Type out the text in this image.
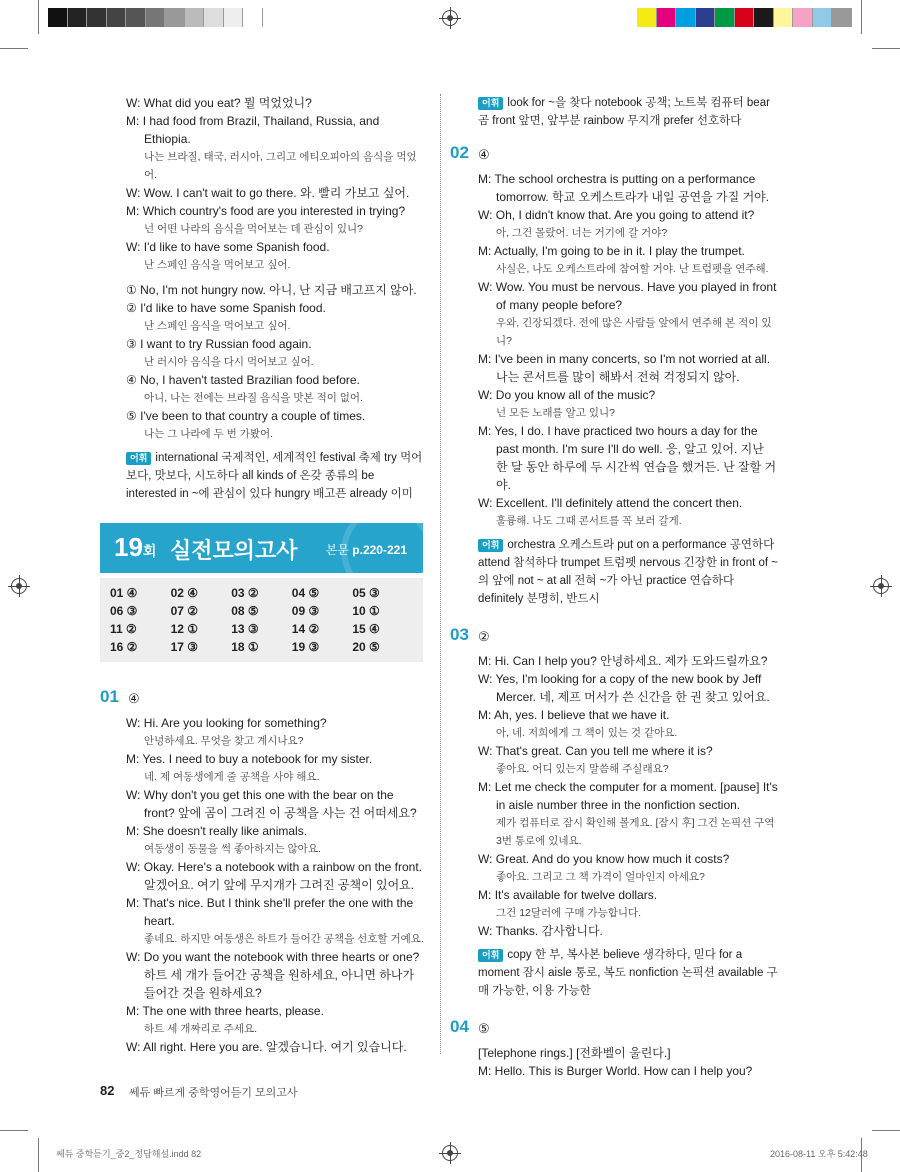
W: What did you eat? 뭘 먹었었니?
M: I had food from Brazil, Thailand, Russia, and Ethiopia.
나는 브라질, 태국, 러시아, 그리고 에티오피아의 음식을 먹었어.
W: Wow. I can't wait to go there. 와. 빨리 가보고 싶어.
M: Which country's food are you interested in trying?
넌 어떤 나라의 음식을 먹어보는 데 관심이 있니?
W: I'd like to have some Spanish food.
난 스페인 음식을 먹어보고 싶어.
① No, I'm not hungry now. 아니, 난 지금 배고프지 않아.
② I'd like to have some Spanish food.
난 스페인 음식을 먹어보고 싶어.
③ I want to try Russian food again.
난 러시아 음식을 다시 먹어보고 싶어.
④ No, I haven't tasted Brazilian food before.
아니, 나는 전에는 브라질 음식을 맛본 적이 없어.
⑤ I've been to that country a couple of times.
나는 그 나라에 두 번 가봤어.
어휘 international 국제적인, 세계적인 festival 축제 try 먹어보다, 맛보다, 시도하다 all kinds of 온갖 종류의 be interested in ~에 관심이 있다 hungry 배고픈 already 이미
19회 실전모의고사 본문 p.220-221
01 ④	02 ④	03 ②	04 ⑤	05 ③
06 ③	07 ②	08 ⑤	09 ③	10 ①
11 ②	12 ①	13 ③	14 ②	15 ④
16 ②	17 ③	18 ①	19 ③	20 ⑤
01 ④
W: Hi. Are you looking for something?
안녕하세요. 무엇을 찾고 계시나요?
M: Yes. I need to buy a notebook for my sister.
네. 제 여동생에게 줄 공책을 사야 해요.
W: Why don't you get this one with the bear on the front? 앞에 곰이 그려진 이 공책을 사는 건 어떠세요?
M: She doesn't really like animals.
여동생이 동물을 썩 좋아하지는 않아요.
W: Okay. Here's a notebook with a rainbow on the front. 알겠어요. 여기 앞에 무지개가 그려진 공책이 있어요.
M: That's nice. But I think she'll prefer the one with the heart.
좋네요. 하지만 여동생은 하트가 들어간 공책을 선호할 거예요.
W: Do you want the notebook with three hearts or one? 하트 세 개가 들어간 공책을 원하세요, 아니면 하나가 들어간 것을 원하세요?
M: The one with three hearts, please.
하트 세 개짜리로 주세요.
W: All right. Here you are. 알겠습니다. 여기 있습니다.
어휘 look for ~을 찾다 notebook 공책; 노트북 컴퓨터 bear 곰 front 앞면, 앞부분 rainbow 무지개 prefer 선호하다
02 ④
M: The school orchestra is putting on a performance tomorrow. 학교 오케스트라가 내일 공연을 가질 거야.
W: Oh, I didn't know that. Are you going to attend it?
아, 그건 몰랐어. 너는 거기에 갈 거야?
M: Actually, I'm going to be in it. I play the trumpet.
사실은, 나도 오케스트라에 참여할 거야. 난 트럼펫을 연주해.
W: Wow. You must be nervous. Have you played in front of many people before?
우와, 긴장되겠다. 전에 많은 사람들 앞에서 연주해 본 적이 있니?
M: I've been in many concerts, so I'm not worried at all. 나는 콘서트를 많이 해봐서 전혀 걱정되지 않아.
W: Do you know all of the music?
넌 모든 노래를 알고 있니?
M: Yes, I do. I have practiced two hours a day for the past month. I'm sure I'll do well. 응, 알고 있어. 지난 한 달 동안 하루에 두 시간씩 연습을 했거든. 난 잘할 거야.
W: Excellent. I'll definitely attend the concert then.
훌륭해. 나도 그때 콘서트를 꼭 보러 갈게.
어휘 orchestra 오케스트라 put on a performance 공연하다 attend 참석하다 trumpet 트럼펫 nervous 긴장한 in front of ~의 앞에 not ~ at all 전혀 ~가 아닌 practice 연습하다 definitely 분명히, 반드시
03 ②
M: Hi. Can I help you? 안녕하세요. 제가 도와드릴까요?
W: Yes, I'm looking for a copy of the new book by Jeff Mercer. 네, 제프 머서가 쓴 신간을 한 권 찾고 있어요.
M: Ah, yes. I believe that we have it.
아, 네. 저희에게 그 책이 있는 것 같아요.
W: That's great. Can you tell me where it is?
좋아요. 어디 있는지 말씀해 주실래요?
M: Let me check the computer for a moment. [pause] It's in aisle number three in the nonfiction section.
제가 컴퓨터로 잠시 확인해 볼게요. [잠시 후] 그건 논픽션 구역 3번 통로에 있네요.
W: Great. And do you know how much it costs?
좋아요. 그리고 그 책 가격이 얼마인지 아세요?
M: It's available for twelve dollars.
그건 12달러에 구매 가능합니다.
W: Thanks. 감사합니다.
어휘 copy 한 부, 복사본 believe 생각하다, 믿다 for a moment 잠시 aisle 통로, 복도 nonfiction 논픽션 available 구매 가능한, 이용 가능한
04 ⑤
[Telephone rings.] [전화벨이 울린다.]
M: Hello. This is Burger World. How can I help you?
82 쎄듀 빠르게 중학영어듣기 모의고사
쎄듀 중학듣기_중2_정답해설.indd 82	2016-08-11 오후 5:42:48
